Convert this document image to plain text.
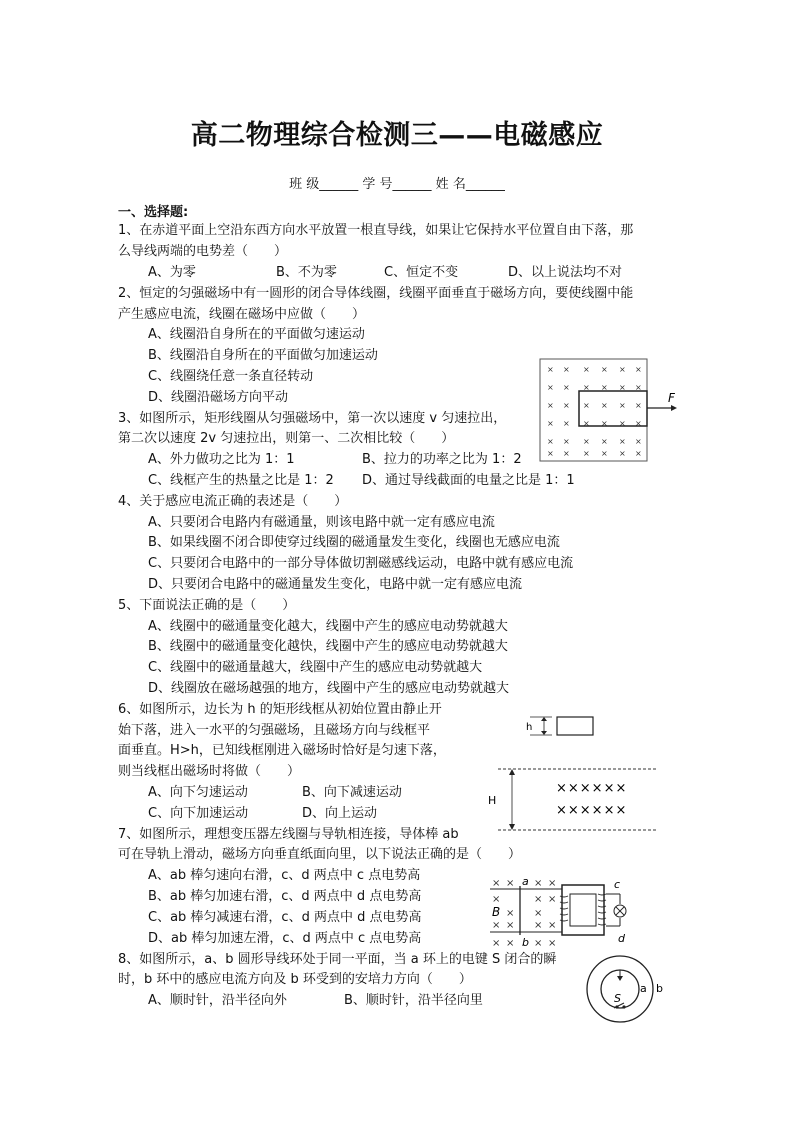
高二物理综合检测三——电磁感应
班 级______ 学 号______ 姓 名______
一、选择题:
1、在赤道平面上空沿东西方向水平放置一根直导线，如果让它保持水平位置自由下落，那
么导线两端的电势差（　　）
A、为零	B、不为零	C、恒定不变	D、以上说法均不对
2、恒定的匀强磁场中有一圆形的闭合导体线圈，线圈平面垂直于磁场方向，要使线圈中能
产生感应电流，线圈在磁场中应做（　　）
A、线圈沿自身所在的平面做匀速运动
B、线圈沿自身所在的平面做匀加速运动
C、线圈绕任意一条直径转动
D、线圈沿磁场方向平动
× × × × × ×
× × × × × ×
× × × × × ×
× × × × × ×
× × × × × ×
× × × × × ×
F
3、如图所示，矩形线圈从匀强磁场中，第一次以速度 v 匀速拉出，
第二次以速度 2v 匀速拉出，则第一、二次相比较（　　）
A、外力做功之比为 1：1	B、拉力的功率之比为 1：2
C、线框产生的热量之比是 1：2 D、通过导线截面的电量之比是 1：1
4、关于感应电流正确的表述是（　　）
A、只要闭合电路内有磁通量，则该电路中就一定有感应电流
B、如果线圈不闭合即使穿过线圈的磁通量发生变化，线圈也无感应电流
C、只要闭合电路中的一部分导体做切割磁感线运动，电路中就有感应电流
D、只要闭合电路中的磁通量发生变化，电路中就一定有感应电流
5、下面说法正确的是（　　）
A、线圈中的磁通量变化越大，线圈中产生的感应电动势就越大
B、线圈中的磁通量变化越快，线圈中产生的感应电动势就越大
C、线圈中的磁通量越大，线圈中产生的感应电动势就越大
D、线圈放在磁场越强的地方，线圈中产生的感应电动势就越大
h
H
××××××
××××××
6、如图所示，边长为 h 的矩形线框从初始位置由静止开
始下落，进入一水平的匀强磁场，且磁场方向与线框平
面垂直。H>h，已知线框刚进入磁场时恰好是匀速下落，
则当线框出磁场时将做（　　）
A、向下匀速运动	B、向下减速运动
C、向下加速运动	D、向上运动
7、如图所示，理想变压器左线圈与导轨相连接，导体棒 ab
可在导轨上滑动，磁场方向垂直纸面向里，以下说法正确的是（　　）
A、ab 棒匀速向右滑，c、d 两点中 c 点电势高
B、ab 棒匀加速右滑，c、d 两点中 d 点电势高
C、ab 棒匀减速右滑，c、d 两点中 d 点电势高
D、ab 棒匀加速左滑，c、d 两点中 c 点电势高
a
b
B
× × × ×
×	× ×
× × × ×
× × × ×
× ×
c
d
8、如图所示，a、b 圆形导线环处于同一平面，当 a 环上的电键 S 闭合的瞬
时，b 环中的感应电流方向及 b 环受到的安培力方向（　　）
A、顺时针，沿半径向外	B、顺时针，沿半径向里	S
a b
